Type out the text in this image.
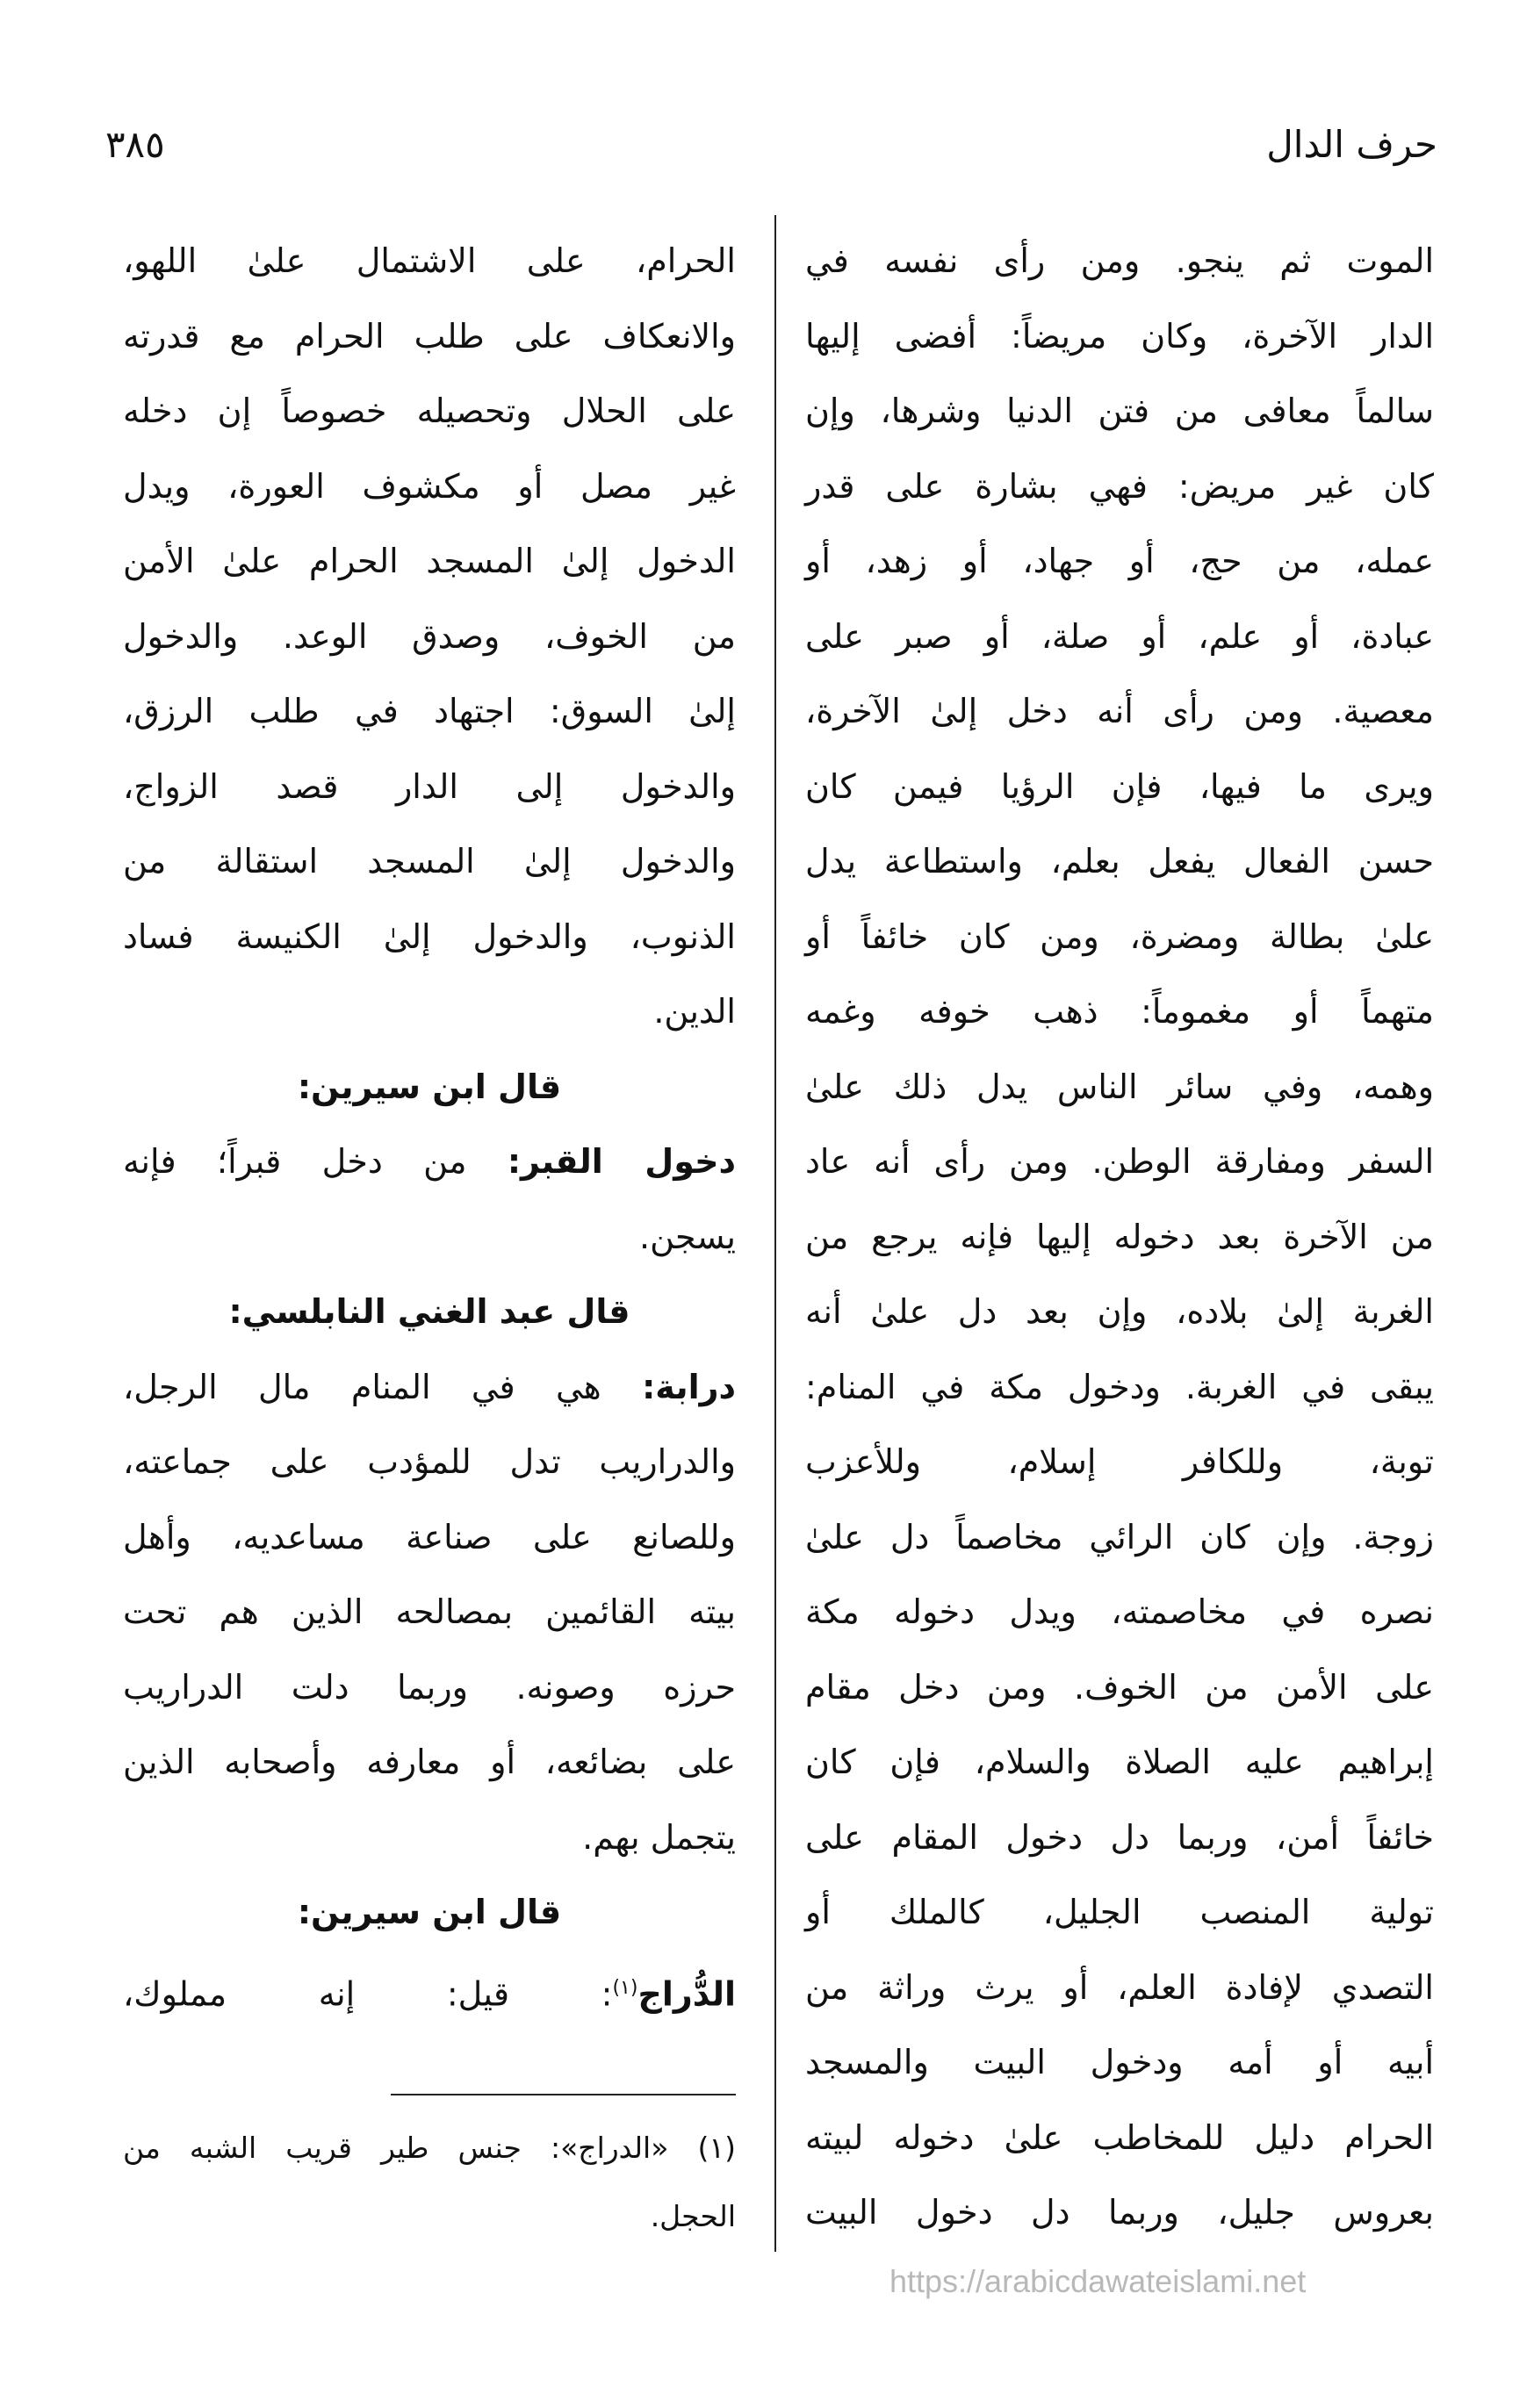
حرف الدال
٣٨٥
الموت ثم ينجو. ومن رأى نفسه في
الدار الآخرة، وكان مريضاً: أفضى إليها
سالماً معافى من فتن الدنيا وشرها، وإن
كان غير مريض: فهي بشارة على قدر
عمله، من حج، أو جهاد، أو زهد، أو
عبادة، أو علم، أو صلة، أو صبر على
معصية. ومن رأى أنه دخل إلىٰ الآخرة،
ويرى ما فيها، فإن الرؤيا فيمن كان
حسن الفعال يفعل بعلم، واستطاعة يدل
علىٰ بطالة ومضرة، ومن كان خائفاً أو
متهماً أو مغموماً: ذهب خوفه وغمه
وهمه، وفي سائر الناس يدل ذلك علىٰ
السفر ومفارقة الوطن. ومن رأى أنه عاد
من الآخرة بعد دخوله إليها فإنه يرجع من
الغربة إلىٰ بلاده، وإن بعد دل علىٰ أنه
يبقى في الغربة. ودخول مكة في المنام:
توبة، وللكافر إسلام، وللأعزب
زوجة. وإن كان الرائي مخاصماً دل علىٰ
نصره في مخاصمته، ويدل دخوله مكة
على الأمن من الخوف. ومن دخل مقام
إبراهيم عليه الصلاة والسلام، فإن كان
خائفاً أمن، وربما دل دخول المقام على
تولية المنصب الجليل، كالملك أو
التصدي لإفادة العلم، أو يرث وراثة من
أبيه أو أمه ودخول البيت والمسجد
الحرام دليل للمخاطب علىٰ دخوله لبيته
بعروس جليل، وربما دل دخول البيت
الحرام، على الاشتمال علىٰ اللهو،
والانعكاف على طلب الحرام مع قدرته
على الحلال وتحصيله خصوصاً إن دخله
غير مصل أو مكشوف العورة، ويدل
الدخول إلىٰ المسجد الحرام علىٰ الأمن
من الخوف، وصدق الوعد. والدخول
إلىٰ السوق: اجتهاد في طلب الرزق،
والدخول إلى الدار قصد الزواج،
والدخول إلىٰ المسجد استقالة من
الذنوب، والدخول إلىٰ الكنيسة فساد
الدين.
قال ابن سيرين:
دخول القبر: من دخل قبراً؛ فإنه
يسجن.
قال عبد الغني النابلسي:
درابة: هي في المنام مال الرجل،
والدراريب تدل للمؤدب على جماعته،
وللصانع على صناعة مساعديه، وأهل
بيته القائمين بمصالحه الذين هم تحت
حرزه وصونه. وربما دلت الدراريب
على بضائعه، أو معارفه وأصحابه الذين
يتجمل بهم.
قال ابن سيرين:
الدُّراج$^{(١)}$: قيل: إنه مملوك،
(١) «الدراج»: جنس طير قريب الشبه من
الحجل.
https://arabicdawateislami.net
